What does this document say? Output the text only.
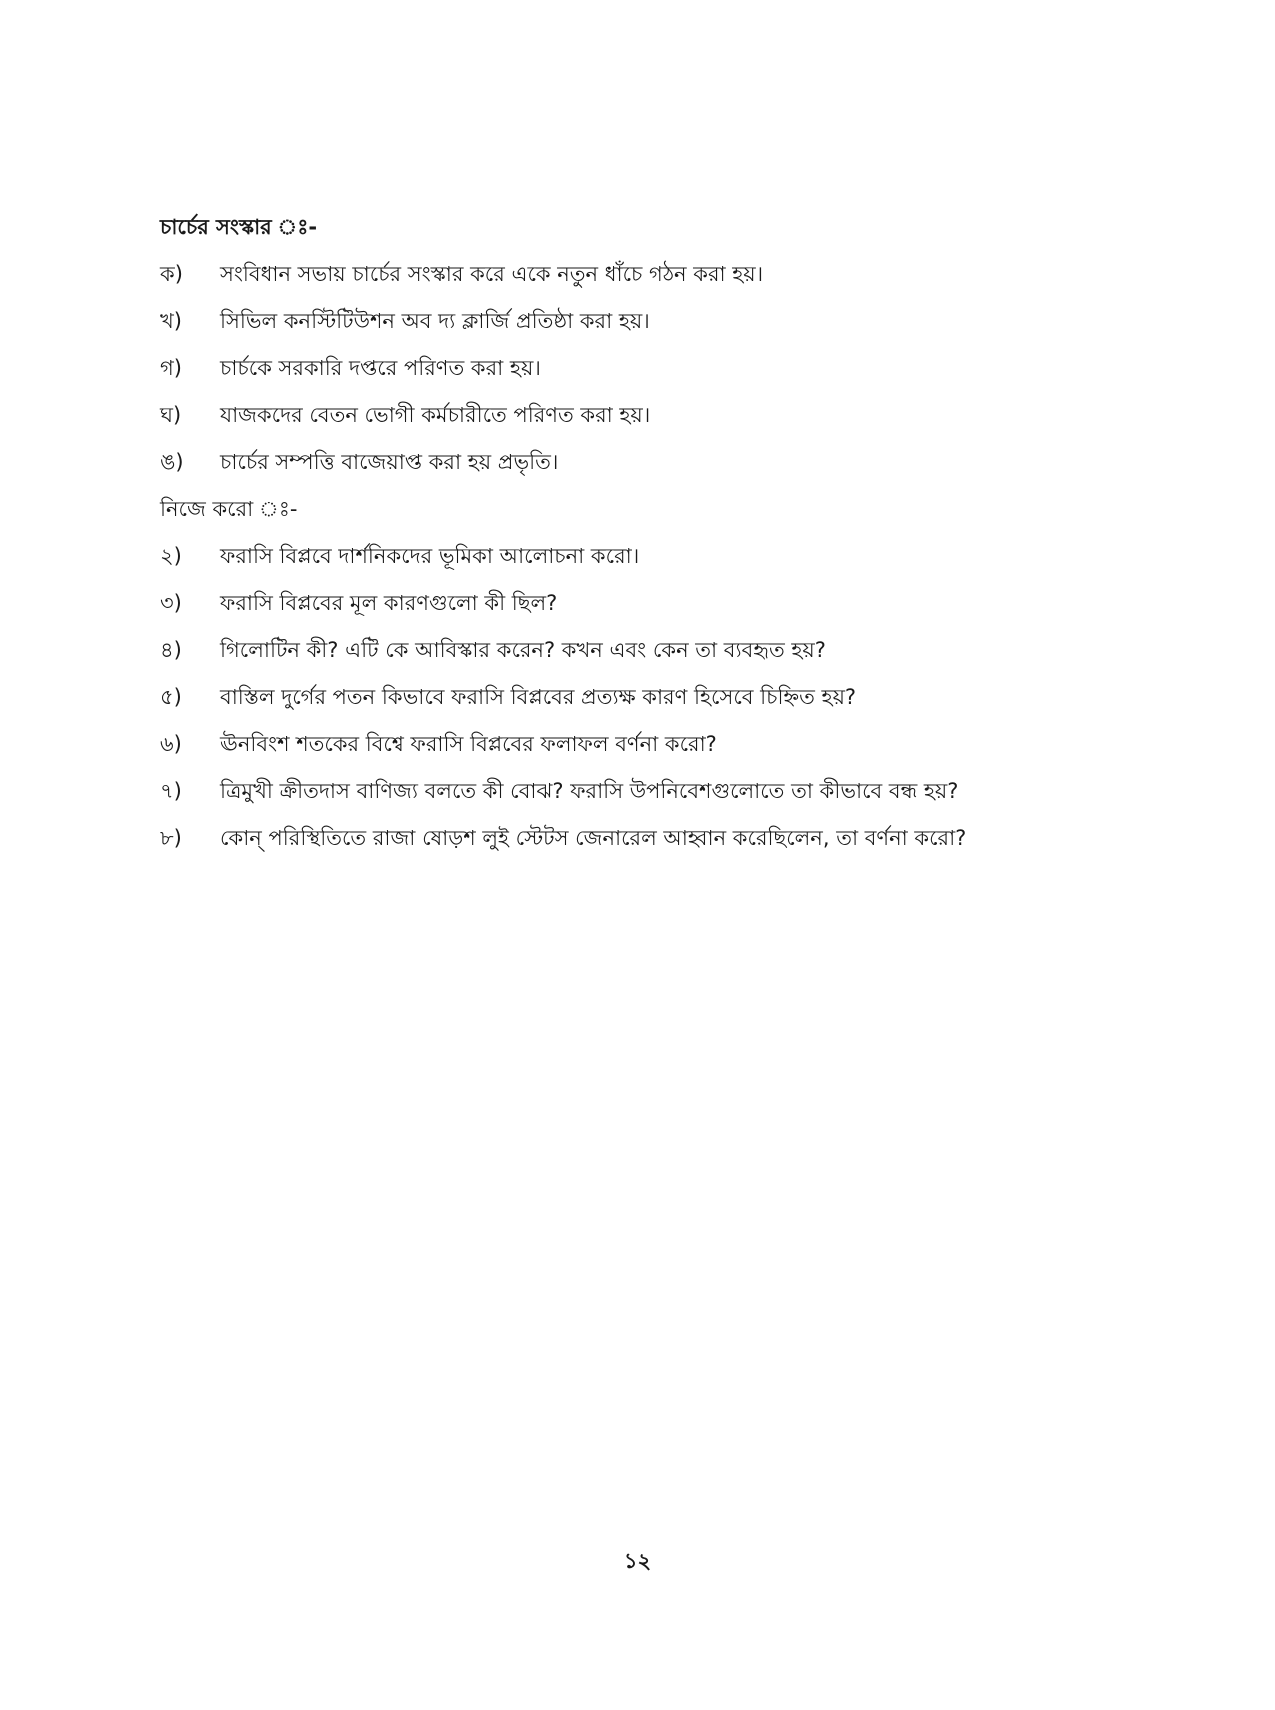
চার্চের সংস্কার ঃ-
ক)	সংবিধান সভায় চার্চের সংস্কার করে একে নতুন ধাঁচে গঠন করা হয়।
খ)	সিভিল কনস্টিটিউশন অব দ্য ক্লার্জি প্রতিষ্ঠা করা হয়।
গ)	চার্চকে সরকারি দপ্তরে পরিণত করা হয়।
ঘ)	যাজকদের বেতন ভোগী কর্মচারীতে পরিণত করা হয়।
ঙ)	চার্চের সম্পত্তি বাজেয়াপ্ত করা হয় প্রভৃতি।
নিজে করো ঃ-
২)	ফরাসি বিপ্লবে দার্শনিকদের ভূমিকা আলোচনা করো।
৩)	ফরাসি বিপ্লবের মূল কারণগুলো কী ছিল?
৪)	গিলোটিন কী? এটি কে আবিস্কার করেন? কখন এবং কেন তা ব্যবহৃত হয়?
৫)	বাস্তিল দুর্গের পতন কিভাবে ফরাসি বিপ্লবের প্রত্যক্ষ কারণ হিসেবে চিহ্নিত হয়?
৬)	ঊনবিংশ শতকের বিশ্বে ফরাসি বিপ্লবের ফলাফল বর্ণনা করো?
৭)	ত্রিমুখী ক্রীতদাস বাণিজ্য বলতে কী বোঝ? ফরাসি উপনিবেশগুলোতে তা কীভাবে বন্ধ হয়?
৮)	কোন্ পরিস্থিতিতে রাজা ষোড়শ লুই স্টেটস জেনারেল আহ্বান করেছিলেন, তা বর্ণনা করো?
১২
